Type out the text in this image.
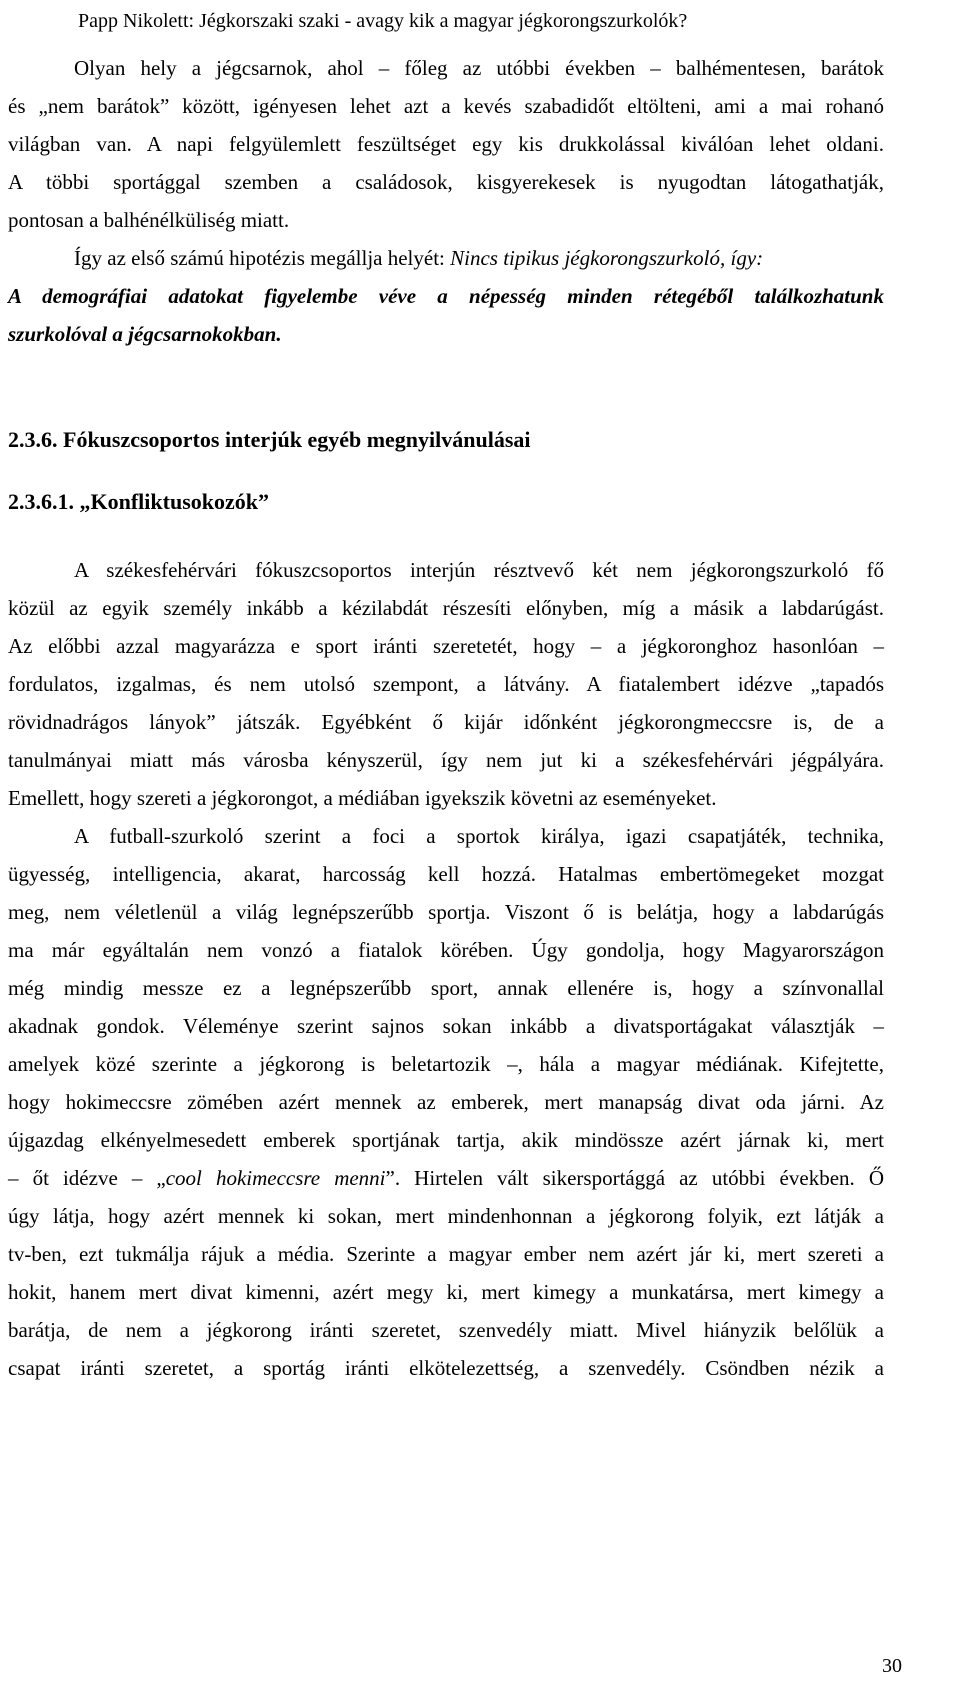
Papp Nikolett: Jégkorszaki szaki - avagy kik a magyar jégkorongszurkolók?
Olyan hely a jégcsarnok, ahol – főleg az utóbbi években – balhémentesen, barátok
és „nem barátok” között, igényesen lehet azt a kevés szabadidőt eltölteni, ami a mai rohanó
világban van. A napi felgyülemlett feszültséget egy kis drukkolással kiválóan lehet oldani.
A többi sportággal szemben a családosok, kisgyerekesek is nyugodtan látogathatják,
pontosan a balhénélküliség miatt.
Így az első számú hipotézis megállja helyét: Nincs tipikus jégkorongszurkoló, így:
A demográfiai adatokat figyelembe véve a népesség minden rétegéből találkozhatunk
szurkolóval a jégcsarnokokban.
2.3.6. Fókuszcsoportos interjúk egyéb megnyilvánulásai
2.3.6.1. „Konfliktusokozók”
A székesfehérvári fókuszcsoportos interjún résztvevő két nem jégkorongszurkoló fő
közül az egyik személy inkább a kézilabdát részesíti előnyben, míg a másik a labdarúgást.
Az előbbi azzal magyarázza e sport iránti szeretetét, hogy – a jégkoronghoz hasonlóan –
fordulatos, izgalmas, és nem utolsó szempont, a látvány. A fiatalembert idézve „tapadós
rövidnadrágos lányok” játszák. Egyébként ő kijár időnként jégkorongmeccsre is, de a
tanulmányai miatt más városba kényszerül, így nem jut ki a székesfehérvári jégpályára.
Emellett, hogy szereti a jégkorongot, a médiában igyekszik követni az eseményeket.
A futball-szurkoló szerint a foci a sportok királya, igazi csapatjáték, technika,
ügyesség, intelligencia, akarat, harcosság kell hozzá. Hatalmas embertömegeket mozgat
meg, nem véletlenül a világ legnépszerűbb sportja. Viszont ő is belátja, hogy a labdarúgás
ma már egyáltalán nem vonzó a fiatalok körében. Úgy gondolja, hogy Magyarországon
még mindig messze ez a legnépszerűbb sport, annak ellenére is, hogy a színvonallal
akadnak gondok. Véleménye szerint sajnos sokan inkább a divatsportágakat választják –
amelyek közé szerinte a jégkorong is beletartozik –, hála a magyar médiának. Kifejtette,
hogy hokimeccsre zömében azért mennek az emberek, mert manapság divat oda járni. Az
újgazdag elkényelmesedett emberek sportjának tartja, akik mindössze azért járnak ki, mert
– őt idézve – „cool hokimeccsre menni”. Hirtelen vált sikersportággá az utóbbi években. Ő
úgy látja, hogy azért mennek ki sokan, mert mindenhonnan a jégkorong folyik, ezt látják a
tv-ben, ezt tukmálja rájuk a média. Szerinte a magyar ember nem azért jár ki, mert szereti a
hokit, hanem mert divat kimenni, azért megy ki, mert kimegy a munkatársa, mert kimegy a
barátja, de nem a jégkorong iránti szeretet, szenvedély miatt. Mivel hiányzik belőlük a
csapat iránti szeretet, a sportág iránti elkötelezettség, a szenvedély. Csöndben nézik a
30
